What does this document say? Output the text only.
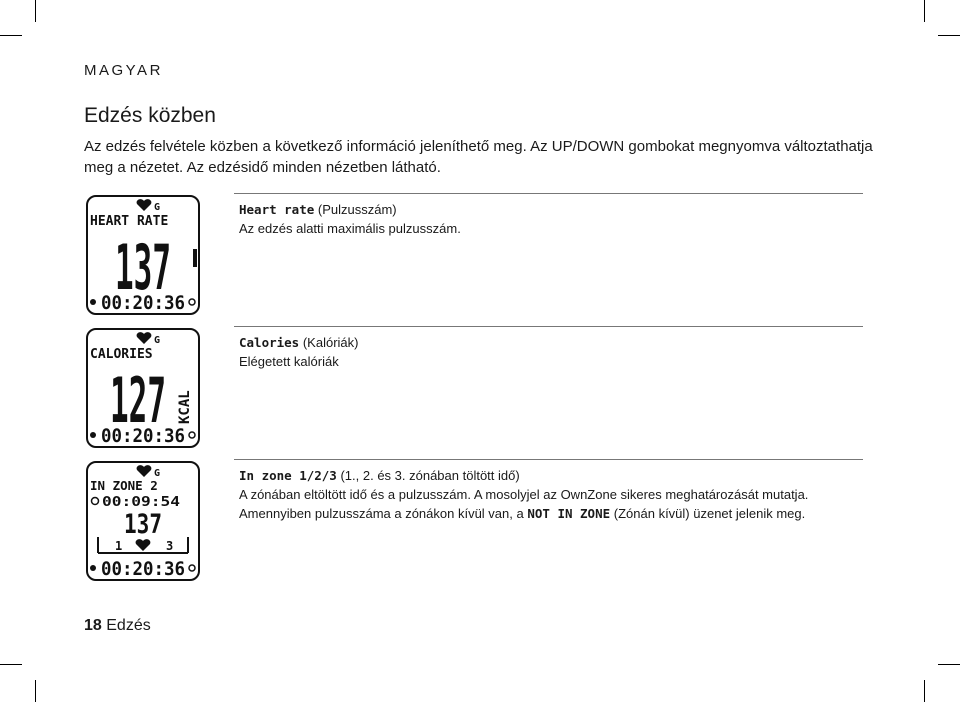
MAGYAR
Edzés közben
Az edzés felvétele közben a következő információ jeleníthető meg. Az UP/DOWN gombokat megnyomva változtathatja meg a nézetet. Az edzésidő minden nézetben látható.
G
HEART RATE
137
00:20:36
Heart rate (Pulzusszám)
Az edzés alatti maximális pulzusszám.
G
CALORIES
127 KCAL
00:20:36
Calories (Kalóriák)
Elégetett kalóriák
G
IN ZONE 2
00:09:54
137
1	3
00:20:36
In zone 1/2/3 (1., 2. és 3. zónában töltött idő)
A zónában eltöltött idő és a pulzusszám. A mosolyjel az OwnZone sikeres meghatározását mutatja.
Amennyiben pulzusszáma a zónákon kívül van, a NOT IN ZONE (Zónán kívül) üzenet jelenik meg.
18 Edzés
